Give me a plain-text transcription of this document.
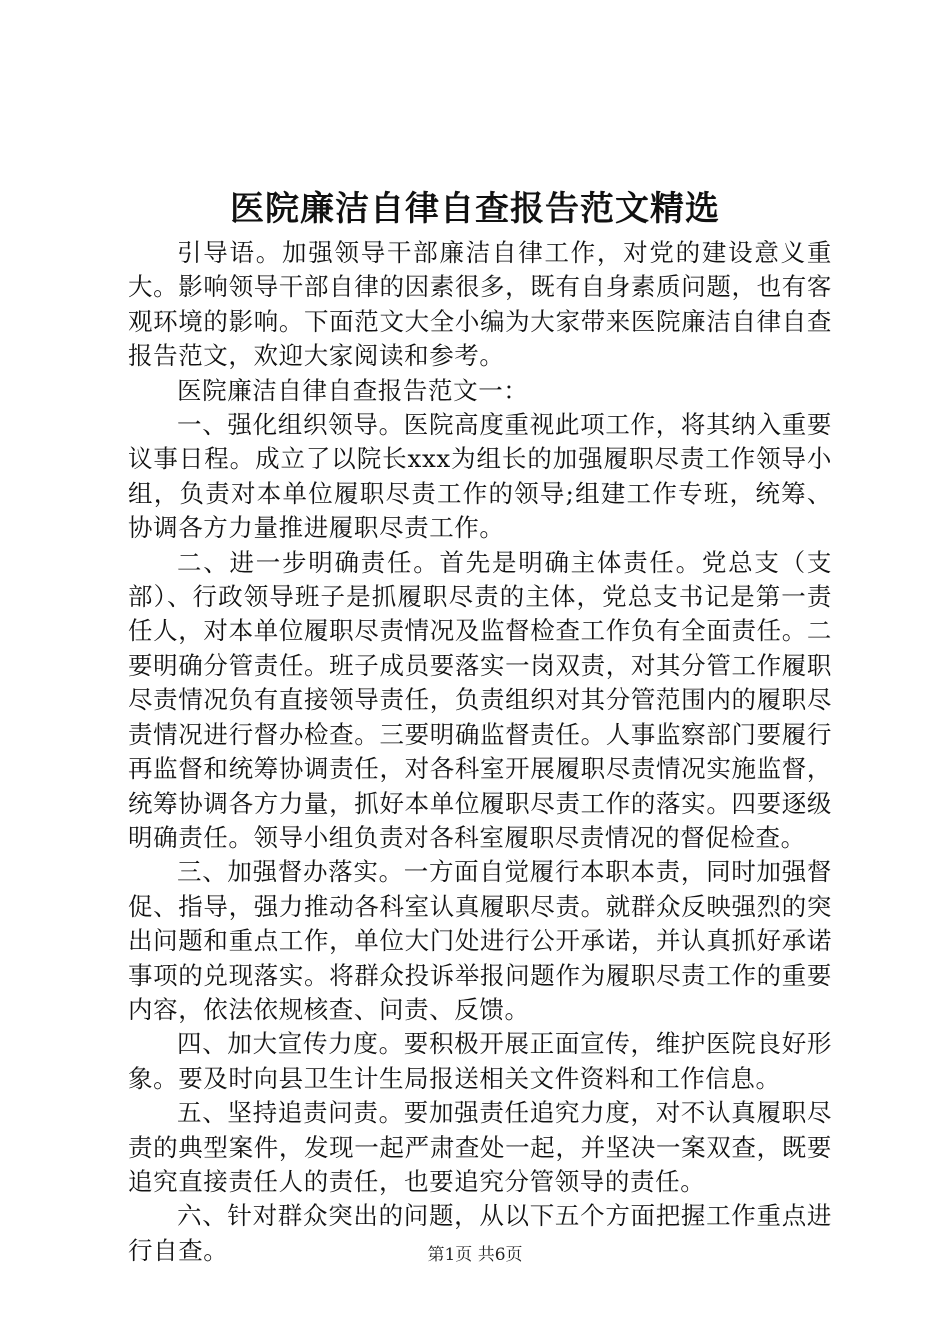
医院廉洁自律自查报告范文精选

引导语。加强领导干部廉洁自律工作，对党的建设意义重大。影响领导干部自律的因素很多，既有自身素质问题，也有客观环境的影响。下面范文大全小编为大家带来医院廉洁自律自查报告范文，欢迎大家阅读和参考。

医院廉洁自律自查报告范文一：

一、强化组织领导。医院高度重视此项工作，将其纳入重要议事日程。成立了以院长xxx为组长的加强履职尽责工作领导小组，负责对本单位履职尽责工作的领导;组建工作专班，统筹、协调各方力量推进履职尽责工作。

二、进一步明确责任。首先是明确主体责任。党总支（支部）、行政领导班子是抓履职尽责的主体，党总支书记是第一责任人，对本单位履职尽责情况及监督检查工作负有全面责任。二要明确分管责任。班子成员要落实一岗双责，对其分管工作履职尽责情况负有直接领导责任，负责组织对其分管范围内的履职尽责情况进行督办检查。三要明确监督责任。人事监察部门要履行再监督和统筹协调责任，对各科室开展履职尽责情况实施监督，统筹协调各方力量，抓好本单位履职尽责工作的落实。四要逐级明确责任。领导小组负责对各科室履职尽责情况的督促检查。

三、加强督办落实。一方面自觉履行本职本责，同时加强督促、指导，强力推动各科室认真履职尽责。就群众反映强烈的突出问题和重点工作，单位大门处进行公开承诺，并认真抓好承诺事项的兑现落实。将群众投诉举报问题作为履职尽责工作的重要内容，依法依规核查、问责、反馈。

四、加大宣传力度。要积极开展正面宣传，维护医院良好形象。要及时向县卫生计生局报送相关文件资料和工作信息。

五、坚持追责问责。要加强责任追究力度，对不认真履职尽责的典型案件，发现一起严肃查处一起，并坚决一案双查，既要追究直接责任人的责任，也要追究分管领导的责任。

六、针对群众突出的问题，从以下五个方面把握工作重点进行自查。	第1页 共6页
